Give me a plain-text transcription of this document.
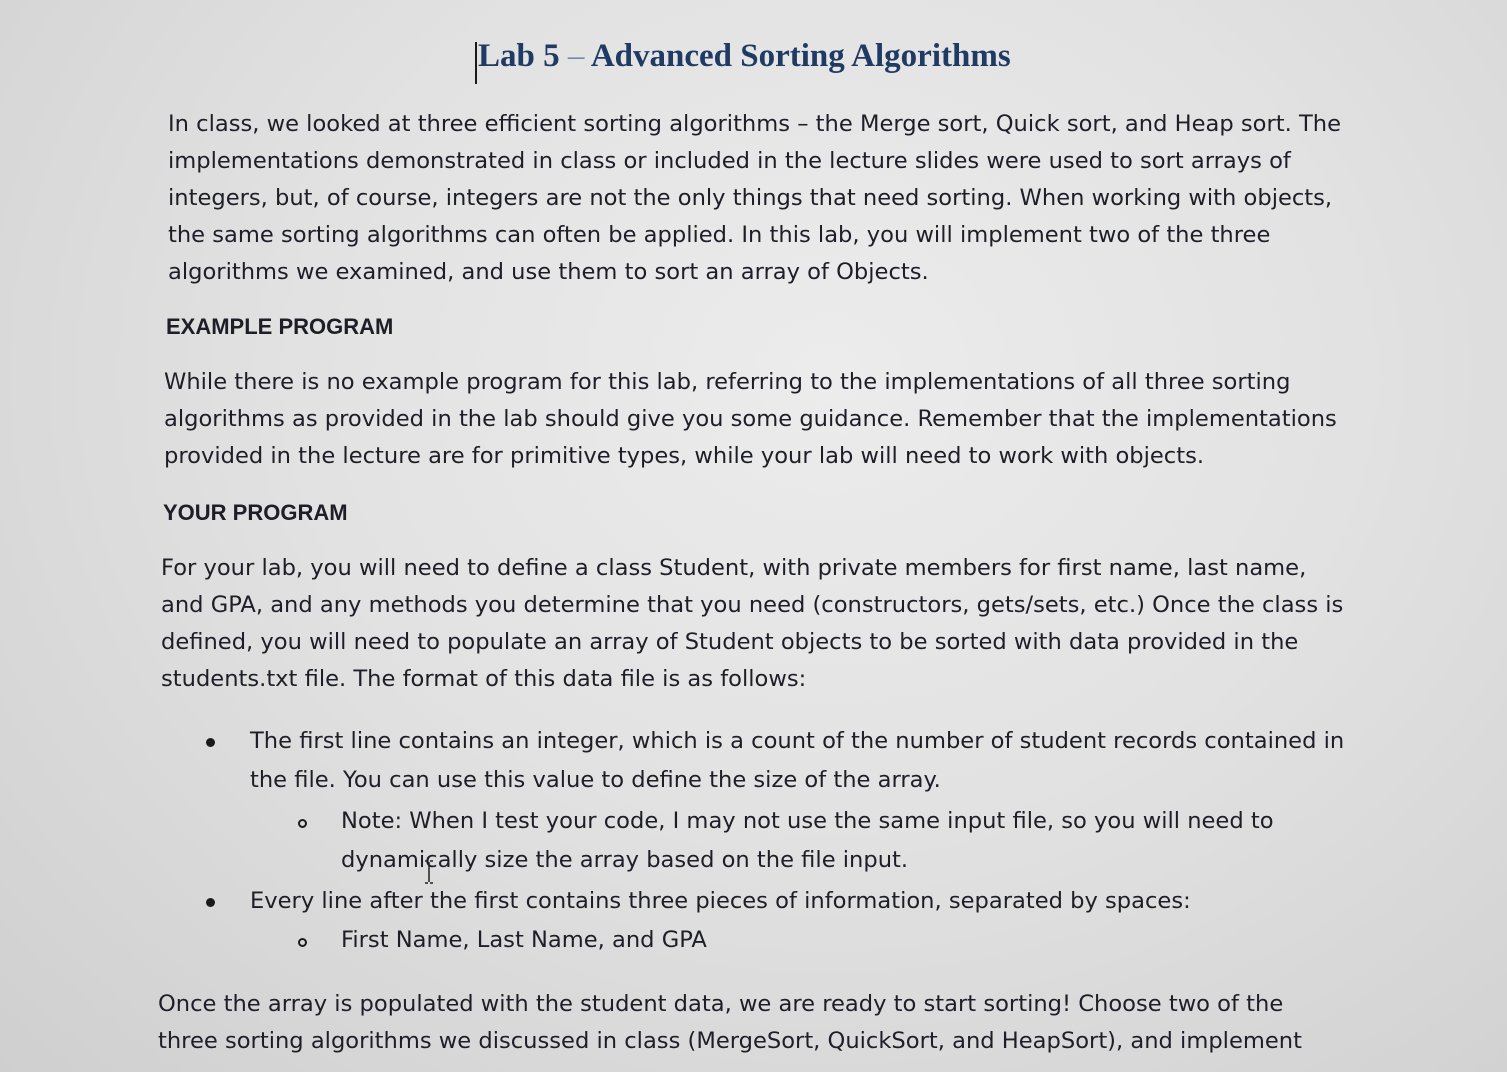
Lab 5 – Advanced Sorting Algorithms
In class, we looked at three efficient sorting algorithms – the Merge sort, Quick sort, and Heap sort. The
implementations demonstrated in class or included in the lecture slides were used to sort arrays of
integers, but, of course, integers are not the only things that need sorting. When working with objects,
the same sorting algorithms can often be applied. In this lab, you will implement two of the three
algorithms we examined, and use them to sort an array of Objects.
EXAMPLE PROGRAM
While there is no example program for this lab, referring to the implementations of all three sorting
algorithms as provided in the lab should give you some guidance. Remember that the implementations
provided in the lecture are for primitive types, while your lab will need to work with objects.
YOUR PROGRAM
For your lab, you will need to define a class Student, with private members for first name, last name,
and GPA, and any methods you determine that you need (constructors, gets/sets, etc.) Once the class is
defined, you will need to populate an array of Student objects to be sorted with data provided in the
students.txt file. The format of this data file is as follows:
The first line contains an integer, which is a count of the number of student records contained in
the file. You can use this value to define the size of the array.
Note: When I test your code, I may not use the same input file, so you will need to
dynamically size the array based on the file input.
Every line after the first contains three pieces of information, separated by spaces:
First Name, Last Name, and GPA
Once the array is populated with the student data, we are ready to start sorting! Choose two of the
three sorting algorithms we discussed in class (MergeSort, QuickSort, and HeapSort), and implement
